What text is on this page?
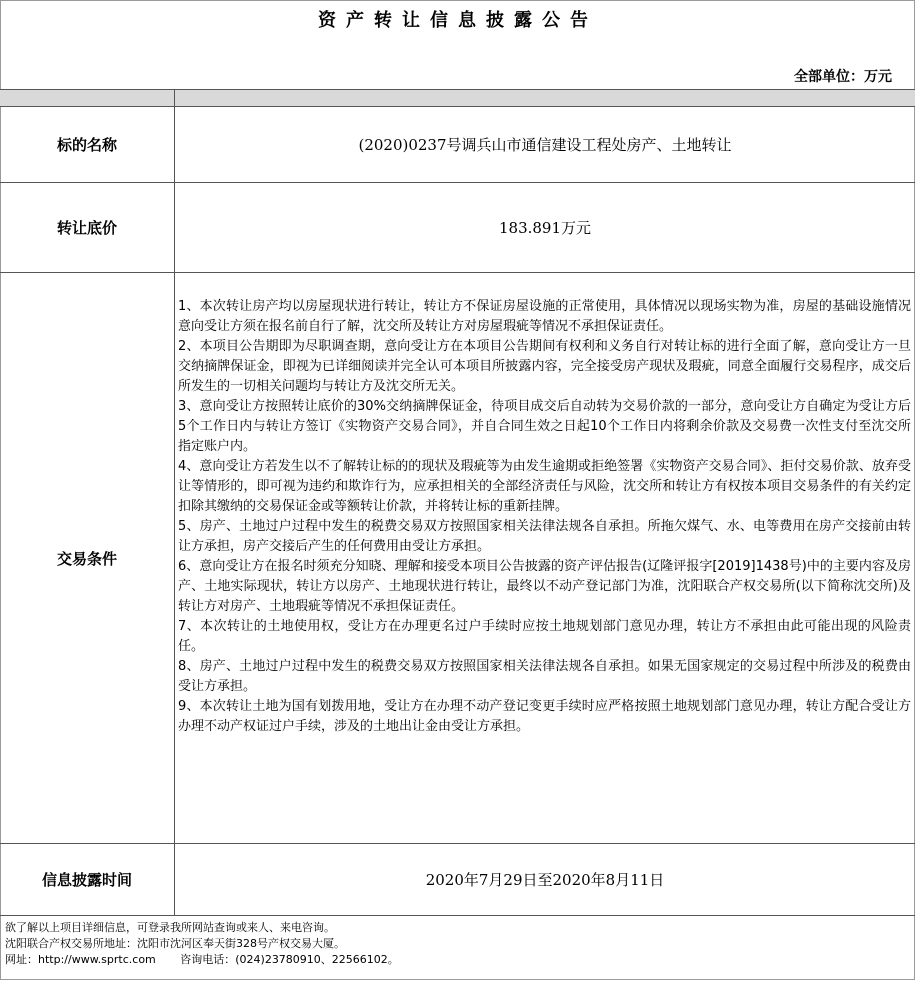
资产转让信息披露公告
全部单位：万元
标的名称	(2020)0237号调兵山市通信建设工程处房产、土地转让
转让底价	183.891万元
交易条件

1、本次转让房产均以房屋现状进行转让，转让方不保证房屋设施的正常使用，具体情况以现场实物为准，房屋的基础设施情况意向受让方须在报名前自行了解，沈交所及转让方对房屋瑕疵等情况不承担保证责任。

2、本项目公告期即为尽职调查期，意向受让方在本项目公告期间有权利和义务自行对转让标的进行全面了解，意向受让方一旦交纳摘牌保证金，即视为已详细阅读并完全认可本项目所披露内容，完全接受房产现状及瑕疵，同意全面履行交易程序，成交后所发生的一切相关问题均与转让方及沈交所无关。

3、意向受让方按照转让底价的30%交纳摘牌保证金，待项目成交后自动转为交易价款的一部分，意向受让方自确定为受让方后5个工作日内与转让方签订《实物资产交易合同》，并自合同生效之日起10个工作日内将剩余价款及交易费一次性支付至沈交所指定账户内。

4、意向受让方若发生以不了解转让标的的现状及瑕疵等为由发生逾期或拒绝签署《实物资产交易合同》、拒付交易价款、放弃受让等情形的，即可视为违约和欺诈行为，应承担相关的全部经济责任与风险，沈交所和转让方有权按本项目交易条件的有关约定扣除其缴纳的交易保证金或等额转让价款，并将转让标的重新挂牌。

5、房产、土地过户过程中发生的税费交易双方按照国家相关法律法规各自承担。所拖欠煤气、水、电等费用在房产交接前由转让方承担，房产交接后产生的任何费用由受让方承担。

6、意向受让方在报名时须充分知晓、理解和接受本项目公告披露的资产评估报告(辽隆评报字[2019]1438号)中的主要内容及房产、土地实际现状，转让方以房产、土地现状进行转让，最终以不动产登记部门为准，沈阳联合产权交易所(以下简称沈交所)及转让方对房产、土地瑕疵等情况不承担保证责任。

7、本次转让的土地使用权，受让方在办理更名过户手续时应按土地规划部门意见办理，转让方不承担由此可能出现的风险责任。

8、房产、土地过户过程中发生的税费交易双方按照国家相关法律法规各自承担。如果无国家规定的交易过程中所涉及的税费由受让方承担。

9、本次转让土地为国有划拨用地，受让方在办理不动产登记变更手续时应严格按照土地规划部门意见办理，转让方配合受让方办理不动产权证过户手续，涉及的土地出让金由受让方承担。

信息披露时间	2020年7月29日至2020年8月11日
欲了解以上项目详细信息，可登录我所网站查询或来人、来电咨询。
沈阳联合产权交易所地址：沈阳市沈河区奉天街328号产权交易大厦。
网址：http://www.sprtc.com       咨询电话：(024)23780910、22566102。
